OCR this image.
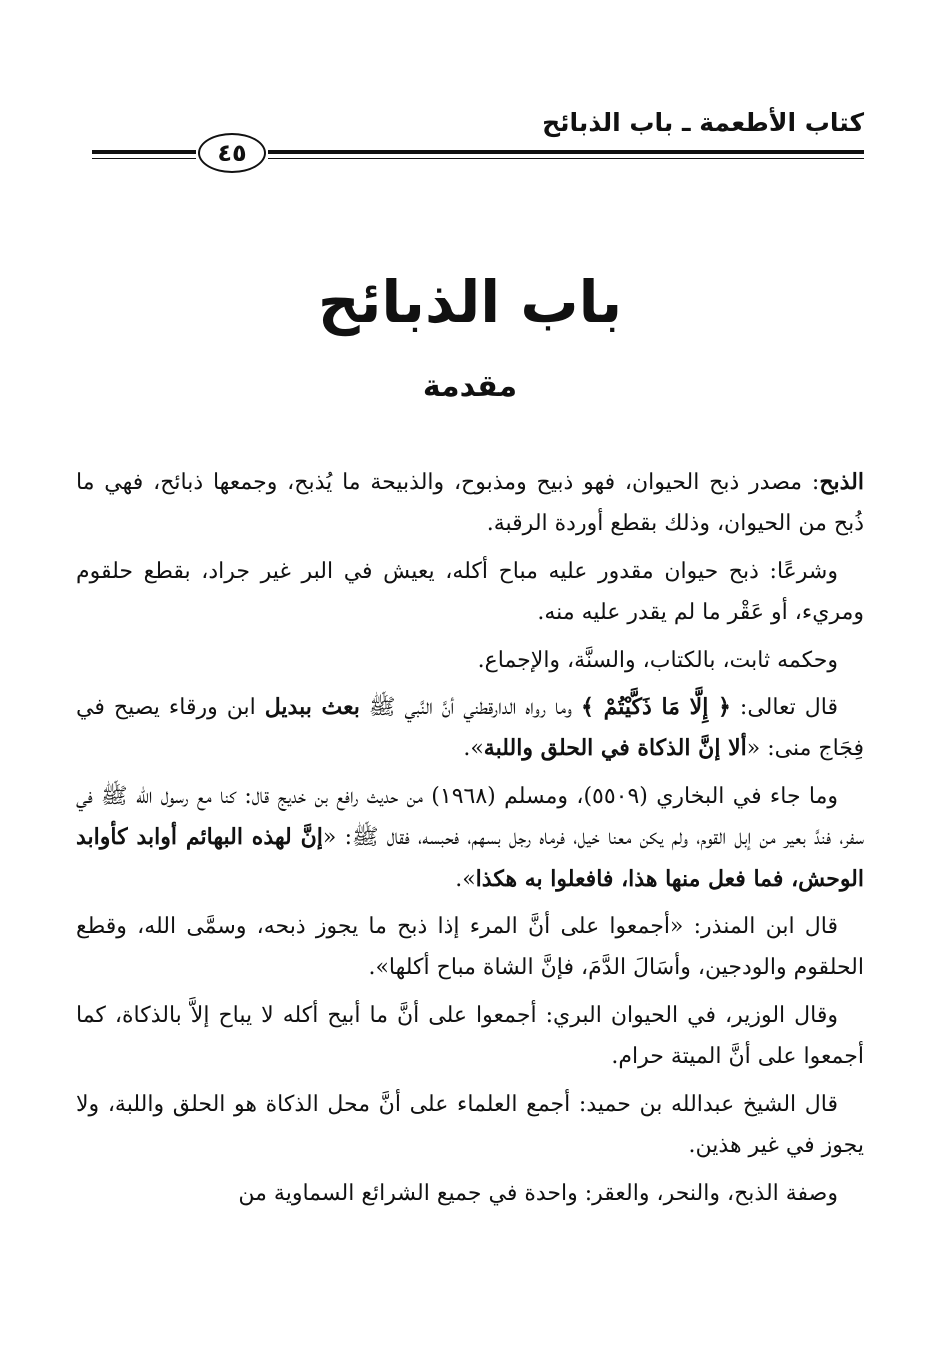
كتاب الأطعمة ـ باب الذبائح
٤٥
باب الذبائح
مقدمة

الذبح: مصدر ذبح الحيوان، فهو ذبيح ومذبوح، والذبيحة ما يُذبح، وجمعها ذبائح، فهي ما ذُبح من الحيوان، وذلك بقطع أوردة الرقبة.

وشرعًا: ذبح حيوان مقدور عليه مباح أكله، يعيش في البر غير جراد، بقطع حلقوم ومريء، أو عَقْر ما لم يقدر عليه منه.

وحكمه ثابت، بالكتاب، والسنَّة، والإجماع.

قال تعالى: ﴿ إِلَّا مَا ذَكَّيْتُمْ ﴾ وما رواه الدارقطني أنَّ النَّبي ﷺ بعث ببديل ابن ورقاء يصيح في فِجَاج منى: «ألا إنَّ الذكاة في الحلق واللبة».

وما جاء في البخاري (٥٥٠٩)، ومسلم (١٩٦٨) من حديث رافع بن خديج قال: كنا مع رسول الله ﷺ في سفر، فندَّ بعير من إبل القوم، ولم يكن معنا خيل، فرماه رجل بسهم، فحبسه، فقال ﷺ: «إنَّ لهذه البهائم أوابد كأوابد الوحش، فما فعل منها هذا، فافعلوا به هكذا».

قال ابن المنذر: «أجمعوا على أنَّ المرء إذا ذبح ما يجوز ذبحه، وسمَّى الله، وقطع الحلقوم والودجين، وأسَالَ الدَّمَ، فإنَّ الشاة مباح أكلها».

وقال الوزير، في الحيوان البري: أجمعوا على أنَّ ما أبيح أكله لا يباح إلاَّ بالذكاة، كما أجمعوا على أنَّ الميتة حرام.

قال الشيخ عبدالله بن حميد: أجمع العلماء على أنَّ محل الذكاة هو الحلق واللبة، ولا يجوز في غير هذين.

وصفة الذبح، والنحر، والعقر: واحدة في جميع الشرائع السماوية من
